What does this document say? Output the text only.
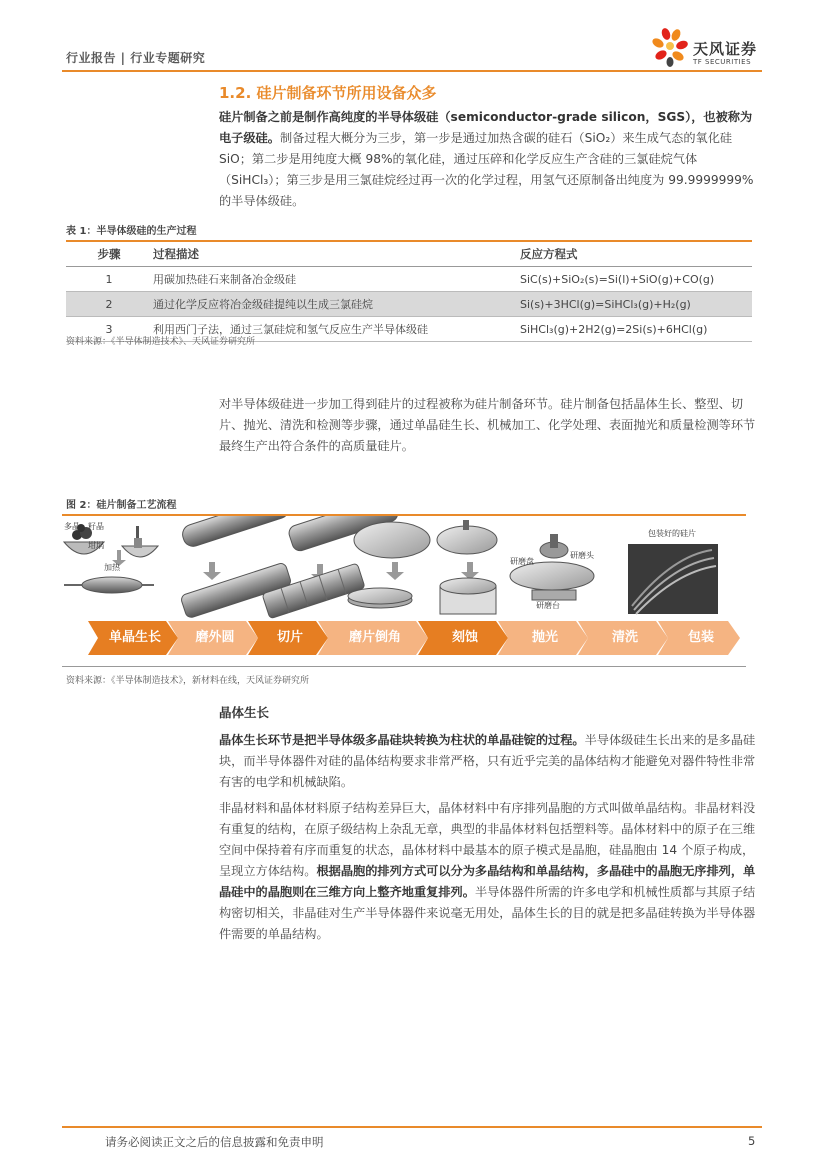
行业报告 | 行业专题研究	天风证券
TF SECURITIES
1.2. 硅片制备环节所用设备众多
硅片制备之前是制作高纯度的半导体级硅（semiconductor-grade silicon，SGS），也被称为电子级硅。制备过程大概分为三步，第一步是通过加热含碳的硅石（SiO₂）来生成气态的氧化硅 SiO；第二步是用纯度大概 98%的氧化硅，通过压碎和化学反应生产含硅的三氯硅烷气体（SiHCl₃）；第三步是用三氯硅烷经过再一次的化学过程，用氢气还原制备出纯度为 99.9999999%的半导体级硅。
表 1：半导体级硅的生产过程
步骤	过程描述	反应方程式
1	用碳加热硅石来制备冶金级硅	SiC(s)+SiO₂(s)=Si(l)+SiO(g)+CO(g)
2	通过化学反应将冶金级硅提纯以生成三氯硅烷	Si(s)+3HCl(g)=SiHCl₃(g)+H₂(g)
3	利用西门子法，通过三氯硅烷和氢气反应生产半导体级硅	SiHCl₃(g)+2H2(g)=2Si(s)+6HCl(g)
资料来源：《半导体制造技术》、天风证券研究所
对半导体级硅进一步加工得到硅片的过程被称为硅片制备环节。硅片制备包括晶体生长、整型、切片、抛光、清洗和检测等步骤，通过单晶硅生长、机械加工、化学处理、表面抛光和质量检测等环节最终生产出符合条件的高质量硅片。
图 2：硅片制备工艺流程
多晶 籽晶
坩埚
加热
包装好的硅片
研磨盘
研磨头
研磨台
单晶生长	磨外圆	切片	磨片倒角	刻蚀	抛光	清洗	包装
资料来源：《半导体制造技术》，新材料在线，天风证券研究所
晶体生长
晶体生长环节是把半导体级多晶硅块转换为柱状的单晶硅锭的过程。半导体级硅生长出来的是多晶硅块，而半导体器件对硅的晶体结构要求非常严格，只有近乎完美的晶体结构才能避免对器件特性非常有害的电学和机械缺陷。
非晶材料和晶体材料原子结构差异巨大，晶体材料中有序排列晶胞的方式叫做单晶结构。非晶材料没有重复的结构，在原子级结构上杂乱无章，典型的非晶体材料包括塑料等。晶体材料中的原子在三维空间中保持着有序而重复的状态，晶体材料中最基本的原子模式是晶胞，硅晶胞由 14 个原子构成，呈现立方体结构。根据晶胞的排列方式可以分为多晶结构和单晶结构，多晶硅中的晶胞无序排列，单晶硅中的晶胞则在三维方向上整齐地重复排列。半导体器件所需的许多电学和机械性质都与其原子结构密切相关，非晶硅对生产半导体器件来说毫无用处，晶体生长的目的就是把多晶硅转换为半导体器件需要的单晶结构。
请务必阅读正文之后的信息披露和免责申明	5
